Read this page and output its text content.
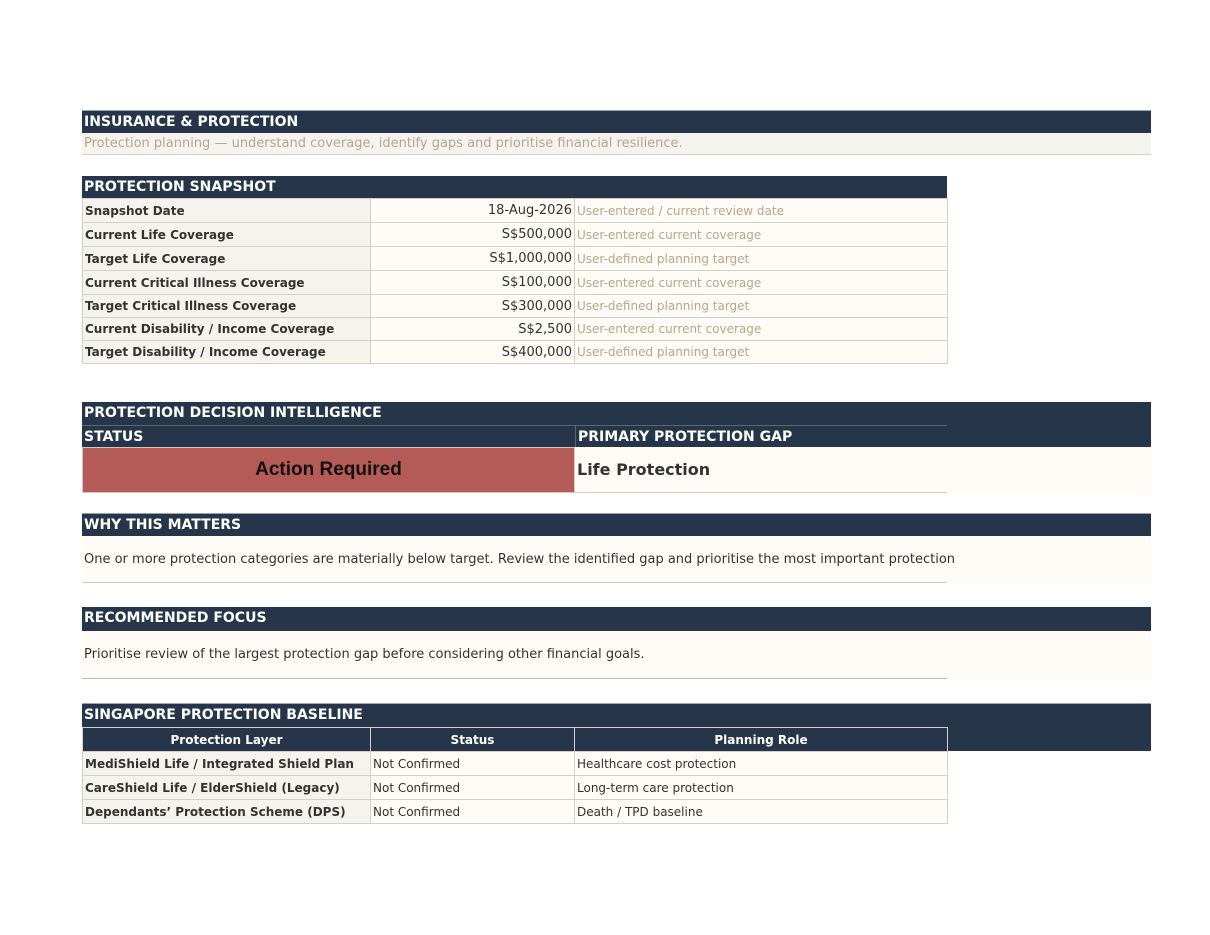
INSURANCE & PROTECTION
Protection planning — understand coverage, identify gaps and prioritise financial resilience.
PROTECTION SNAPSHOT
Snapshot Date	18-Aug-2026	User-entered / current review date
Current Life Coverage	S$500,000	User-entered current coverage
Target Life Coverage	S$1,000,000	User-defined planning target
Current Critical Illness Coverage	S$100,000	User-entered current coverage
Target Critical Illness Coverage	S$300,000	User-defined planning target
Current Disability / Income Coverage	S$2,500	User-entered current coverage
Target Disability / Income Coverage	S$400,000	User-defined planning target
PROTECTION DECISION INTELLIGENCE
STATUS	PRIMARY PROTECTION GAP
Action Required	Life Protection
WHY THIS MATTERS
One or more protection categories are materially below target. Review the identified gap and prioritise the most important protection
RECOMMENDED FOCUS
Prioritise review of the largest protection gap before considering other financial goals.
SINGAPORE PROTECTION BASELINE
Protection Layer	Status	Planning Role
MediShield Life / Integrated Shield Plan	Not Confirmed	Healthcare cost protection
CareShield Life / ElderShield (Legacy)	Not Confirmed	Long-term care protection
Dependants’ Protection Scheme (DPS)	Not Confirmed	Death / TPD baseline
